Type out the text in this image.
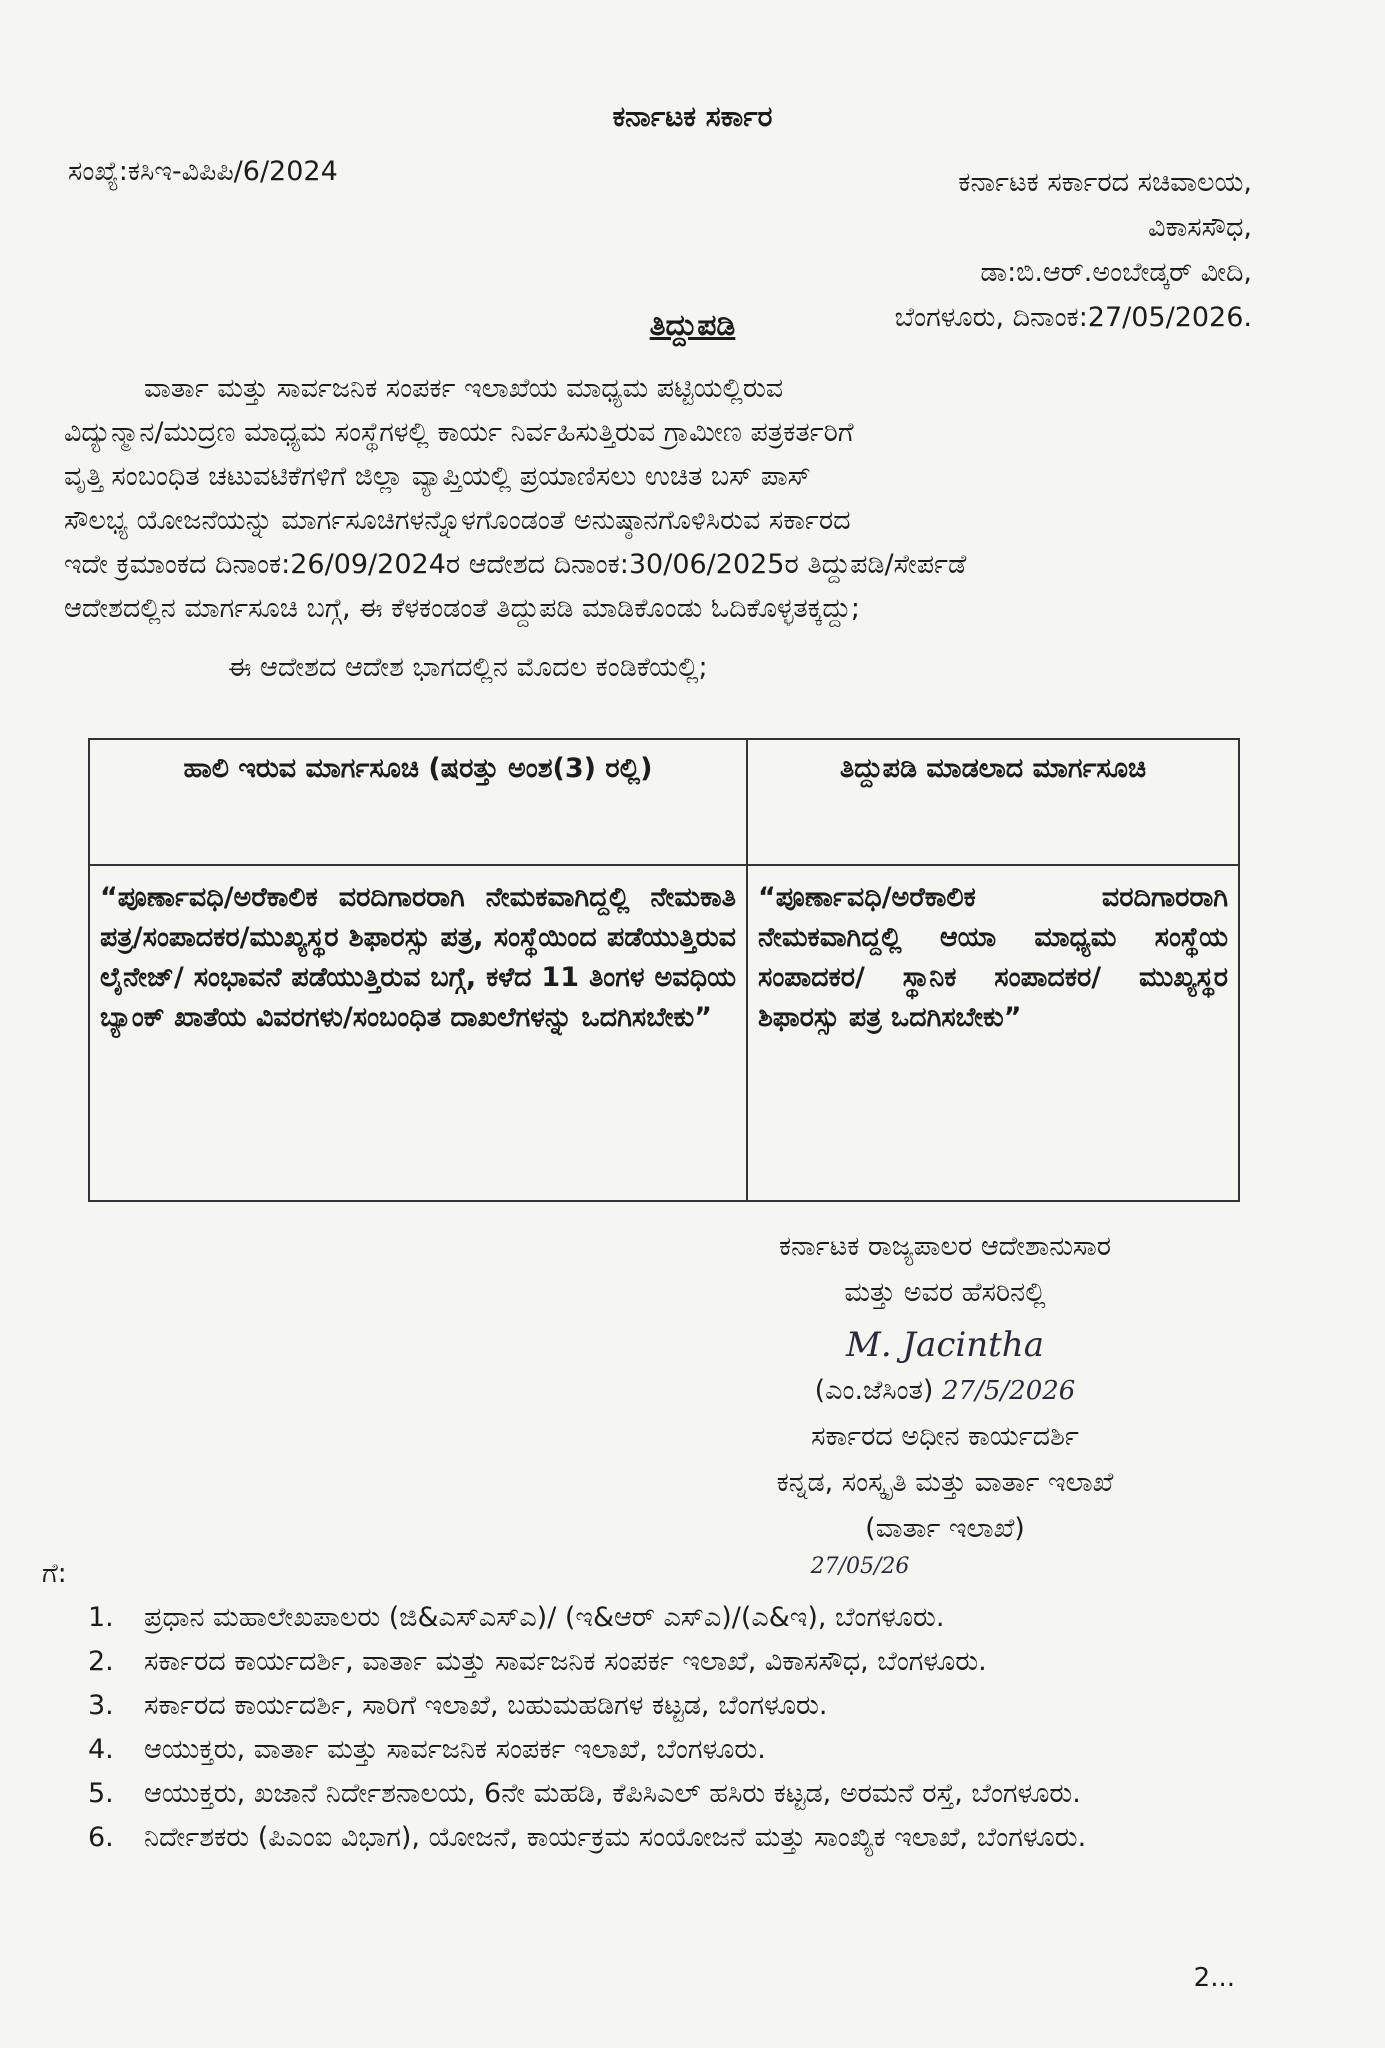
ಕರ್ನಾಟಕ ಸರ್ಕಾರ
ಸಂಖ್ಯೆ:ಕಸಿಇ-ವಿಪಿಪಿ/6/2024	ಕರ್ನಾಟಕ ಸರ್ಕಾರದ ಸಚಿವಾಲಯ,
ವಿಕಾಸಸೌಧ,
ಡಾ:ಬಿ.ಆರ್.ಅಂಬೇಡ್ಕರ್ ವೀದಿ,
ಬೆಂಗಳೂರು, ದಿನಾಂಕ:27/05/2026.
ತಿದ್ದುಪಡಿ
ವಾರ್ತಾ ಮತ್ತು ಸಾರ್ವಜನಿಕ ಸಂಪರ್ಕ ಇಲಾಖೆಯ ಮಾಧ್ಯಮ ಪಟ್ಟಿಯಲ್ಲಿರುವ
ವಿದ್ಯುನ್ಮಾನ/ಮುದ್ರಣ ಮಾಧ್ಯಮ ಸಂಸ್ಥೆಗಳಲ್ಲಿ ಕಾರ್ಯ ನಿರ್ವಹಿಸುತ್ತಿರುವ ಗ್ರಾಮೀಣ ಪತ್ರಕರ್ತರಿಗೆ
ವೃತ್ತಿ ಸಂಬಂಧಿತ ಚಟುವಟಿಕೆಗಳಿಗೆ ಜಿಲ್ಲಾ ವ್ಯಾಪ್ತಿಯಲ್ಲಿ ಪ್ರಯಾಣಿಸಲು ಉಚಿತ ಬಸ್ ಪಾಸ್
ಸೌಲಭ್ಯ ಯೋಜನೆಯನ್ನು ಮಾರ್ಗಸೂಚಿಗಳನ್ನೊಳಗೊಂಡಂತೆ ಅನುಷ್ಠಾನಗೊಳಿಸಿರುವ ಸರ್ಕಾರದ
ಇದೇ ಕ್ರಮಾಂಕದ ದಿನಾಂಕ:26/09/2024ರ ಆದೇಶದ ದಿನಾಂಕ:30/06/2025ರ ತಿದ್ದುಪಡಿ/ಸೇರ್ಪಡೆ
ಆದೇಶದಲ್ಲಿನ ಮಾರ್ಗಸೂಚಿ ಬಗ್ಗೆ, ಈ ಕೆಳಕಂಡಂತೆ ತಿದ್ದುಪಡಿ ಮಾಡಿಕೊಂಡು ಓದಿಕೊಳ್ಳತಕ್ಕದ್ದು;
ಈ ಆದೇಶದ ಆದೇಶ ಭಾಗದಲ್ಲಿನ ಮೊದಲ ಕಂಡಿಕೆಯಲ್ಲಿ;
ಹಾಲಿ ಇರುವ ಮಾರ್ಗಸೂಚಿ (ಷರತ್ತು ಅಂಶ(3) ರಲ್ಲಿ)	ತಿದ್ದುಪಡಿ ಮಾಡಲಾದ ಮಾರ್ಗಸೂಚಿ
“ಪೂರ್ಣಾವಧಿ/ಅರೆಕಾಲಿಕ ವರದಿಗಾರರಾಗಿ ನೇಮಕವಾಗಿದ್ದಲ್ಲಿ ನೇಮಕಾತಿ ಪತ್ರ/ಸಂಪಾದಕರ/ಮುಖ್ಯಸ್ಥರ ಶಿಫಾರಸ್ಸು ಪತ್ರ, ಸಂಸ್ಥೆಯಿಂದ ಪಡೆಯುತ್ತಿರುವ ಲೈನೇಜ್/ ಸಂಭಾವನೆ ಪಡೆಯುತ್ತಿರುವ ಬಗ್ಗೆ, ಕಳೆದ 11 ತಿಂಗಳ ಅವಧಿಯ ಬ್ಯಾಂಕ್ ಖಾತೆಯ ವಿವರಗಳು/ಸಂಬಂಧಿತ ದಾಖಲೆಗಳನ್ನು ಒದಗಿಸಬೇಕು”	“ಪೂರ್ಣಾವಧಿ/ಅರೆಕಾಲಿಕ ವರದಿಗಾರರಾಗಿ ನೇಮಕವಾಗಿದ್ದಲ್ಲಿ ಆಯಾ ಮಾಧ್ಯಮ ಸಂಸ್ಥೆಯ ಸಂಪಾದಕರ/ ಸ್ಥಾನಿಕ ಸಂಪಾದಕರ/ ಮುಖ್ಯಸ್ಥರ ಶಿಫಾರಸ್ಸು ಪತ್ರ ಒದಗಿಸಬೇಕು”
ಕರ್ನಾಟಕ ರಾಜ್ಯಪಾಲರ ಆದೇಶಾನುಸಾರ
ಮತ್ತು ಅವರ ಹೆಸರಿನಲ್ಲಿ
M. Jacintha
(ಎಂ.ಜೆಸಿಂತ) 27/5/2026
ಸರ್ಕಾರದ ಅಧೀನ ಕಾರ್ಯದರ್ಶಿ
ಕನ್ನಡ, ಸಂಸ್ಕೃತಿ ಮತ್ತು ವಾರ್ತಾ ಇಲಾಖೆ
(ವಾರ್ತಾ ಇಲಾಖೆ)
27/05/26
ಗೆ:
1. ಪ್ರಧಾನ ಮಹಾಲೇಖಪಾಲರು (ಜಿ&ಎಸ್ಎಸ್ಎ)/ (ಇ&ಆರ್ ಎಸ್ಎ)/(ಎ&ಇ), ಬೆಂಗಳೂರು.
2. ಸರ್ಕಾರದ ಕಾರ್ಯದರ್ಶಿ, ವಾರ್ತಾ ಮತ್ತು ಸಾರ್ವಜನಿಕ ಸಂಪರ್ಕ ಇಲಾಖೆ, ವಿಕಾಸಸೌಧ, ಬೆಂಗಳೂರು.
3. ಸರ್ಕಾರದ ಕಾರ್ಯದರ್ಶಿ, ಸಾರಿಗೆ ಇಲಾಖೆ, ಬಹುಮಹಡಿಗಳ ಕಟ್ಟಡ, ಬೆಂಗಳೂರು.
4. ಆಯುಕ್ತರು, ವಾರ್ತಾ ಮತ್ತು ಸಾರ್ವಜನಿಕ ಸಂಪರ್ಕ ಇಲಾಖೆ, ಬೆಂಗಳೂರು.
5. ಆಯುಕ್ತರು, ಖಜಾನೆ ನಿರ್ದೇಶನಾಲಯ, 6ನೇ ಮಹಡಿ, ಕೆಪಿಸಿಎಲ್ ಹಸಿರು ಕಟ್ಟಡ, ಅರಮನೆ ರಸ್ತೆ, ಬೆಂಗಳೂರು.
6. ನಿರ್ದೇಶಕರು (ಪಿಎಂಐ ವಿಭಾಗ), ಯೋಜನೆ, ಕಾರ್ಯಕ್ರಮ ಸಂಯೋಜನೆ ಮತ್ತು ಸಾಂಖ್ಯಿಕ ಇಲಾಖೆ, ಬೆಂಗಳೂರು.
2...
